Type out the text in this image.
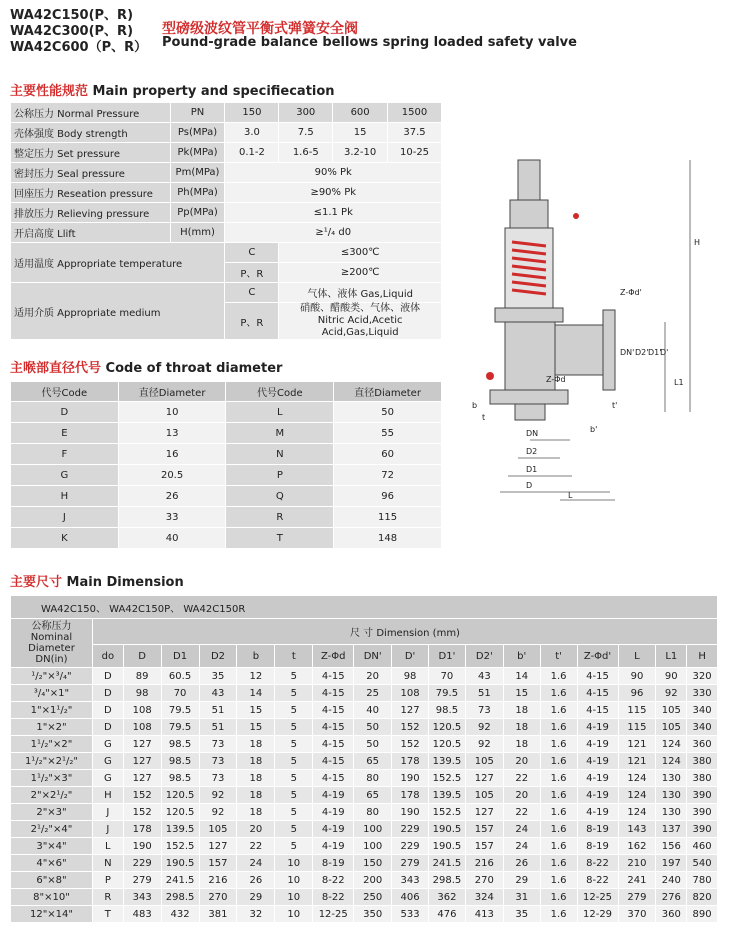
WA42C150(P、R)
WA42C300(P、R)
WA42C600（P、R）
型磅级波纹管平衡式弹簧安全阀
Pound-grade balance bellows spring loaded safety valve
主要性能规范 Main property and specifiecation
公称压力 Normal Pressure	PN	150	300	600	1500
壳体强度 Body strength	Ps(MPa)	3.0	7.5	15	37.5
整定压力 Set pressure	Pk(MPa)	0.1-2	1.6-5	3.2-10	10-25
密封压力 Seal pressure	Pm(MPa)	90% Pk			
回座压力 Reseation pressure	Ph(MPa)	≥90% Pk			
排放压力 Relieving pressure	Pp(MPa)	≤1.1 Pk			
开启高度 Llift	H(mm)	≥¹/₄ d0			
适用温度 Appropriate temperature		C	≤300℃		
		P、R	≥200℃		
适用介质 Appropriate medium		C	气体、液体 Gas,Liquid		
		P、R	硝酸、醋酸类、气体、液体
Nitric Acid,Acetic Acid,Gas,Liquid		
主喉部直径代号 Code of throat diameter
代号Code	直径Diameter	代号Code	直径Diameter
D	10	L	50
E	13	M	55
F	16	N	60
G	20.5	P	72
H	26	Q	96
J	33	R	115
K	40	T	148
主要尺寸 Main Dimension
WA42C150、 WA42C150P、 WA42C150R																	

公称压力
Nominal
Diameter
DN(in)	尺 寸 Dimension (mm)																
	do	D	D1	D2	b	t	Z-Φd	DN'	D'	D1'	D2'	b'	t'	Z-Φd'	L	L1	H
¹/₂"×³/₄"	D	89	60.5	35	12	5	4-15	20	98	70	43	14	1.6	4-15	90	90	320
³/₄"×1"	D	98	70	43	14	5	4-15	25	108	79.5	51	15	1.6	4-15	96	92	330
1"×1¹/₂"	D	108	79.5	51	15	5	4-15	40	127	98.5	73	18	1.6	4-15	115	105	340
1"×2"	D	108	79.5	51	15	5	4-15	50	152	120.5	92	18	1.6	4-19	115	105	340
1¹/₂"×2"	G	127	98.5	73	18	5	4-15	50	152	120.5	92	18	1.6	4-19	121	124	360
1¹/₂"×2¹/₂"	G	127	98.5	73	18	5	4-15	65	178	139.5	105	20	1.6	4-19	121	124	380
1¹/₂"×3"	G	127	98.5	73	18	5	4-15	80	190	152.5	127	22	1.6	4-19	124	130	380
2"×2¹/₂"	H	152	120.5	92	18	5	4-19	65	178	139.5	105	20	1.6	4-19	124	130	390
2"×3"	J	152	120.5	92	18	5	4-19	80	190	152.5	127	22	1.6	4-19	124	130	390
2¹/₂"×4"	J	178	139.5	105	20	5	4-19	100	229	190.5	157	24	1.6	8-19	143	137	390
3"×4"	L	190	152.5	127	22	5	4-19	100	229	190.5	157	24	1.6	8-19	162	156	460
4"×6"	N	229	190.5	157	24	10	8-19	150	279	241.5	216	26	1.6	8-22	210	197	540
6"×8"	P	279	241.5	216	26	10	8-22	200	343	298.5	270	29	1.6	8-22	241	240	780
8"×10"	R	343	298.5	270	29	10	8-22	250	406	362	324	31	1.6	12-25	279	276	820
12"×14"	T	483	432	381	32	10	12-25	350	533	476	413	35	1.6	12-29	370	360	890
H
Z-Φd'
DN' D2' D1'
D'
L1
b'
t'
Z-Φd
DN
D2
D1
D
L
b
t
